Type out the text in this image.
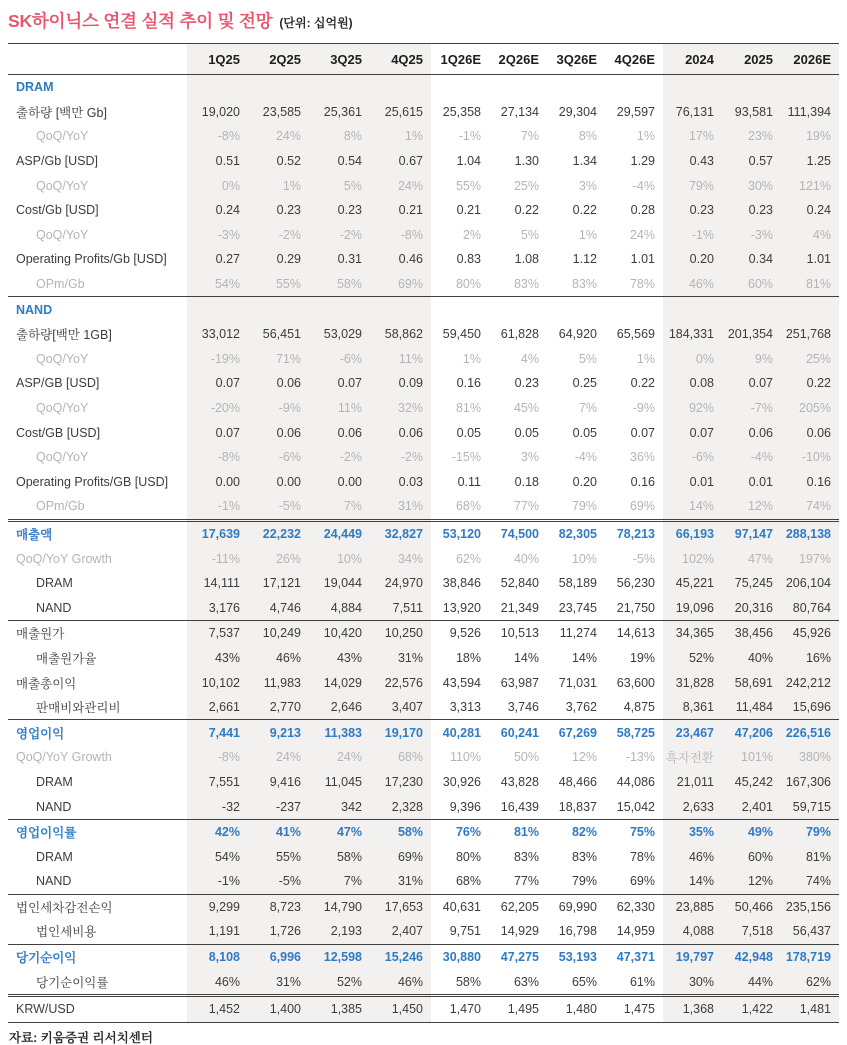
SK하이닉스 연결 실적 추이 및 전망 (단위: 십억원)
	1Q25	2Q25	3Q25	4Q25	1Q26E	2Q26E	3Q26E	4Q26E	2024	2025	2026E
DRAM											
출하량 [백만 Gb]	19,020	23,585	25,361	25,615	25,358	27,134	29,304	29,597	76,131	93,581	111,394
QoQ/YoY	-8%	24%	8%	1%	-1%	7%	8%	1%	17%	23%	19%
ASP/Gb [USD]	0.51	0.52	0.54	0.67	1.04	1.30	1.34	1.29	0.43	0.57	1.25
QoQ/YoY	0%	1%	5%	24%	55%	25%	3%	-4%	79%	30%	121%
Cost/Gb [USD]	0.24	0.23	0.23	0.21	0.21	0.22	0.22	0.28	0.23	0.23	0.24
QoQ/YoY	-3%	-2%	-2%	-8%	2%	5%	1%	24%	-1%	-3%	4%
Operating Profits/Gb [USD]	0.27	0.29	0.31	0.46	0.83	1.08	1.12	1.01	0.20	0.34	1.01
OPm/Gb	54%	55%	58%	69%	80%	83%	83%	78%	46%	60%	81%
NAND											
출하량[백만 1GB]	33,012	56,451	53,029	58,862	59,450	61,828	64,920	65,569	184,331	201,354	251,768
QoQ/YoY	-19%	71%	-6%	11%	1%	4%	5%	1%	0%	9%	25%
ASP/GB [USD]	0.07	0.06	0.07	0.09	0.16	0.23	0.25	0.22	0.08	0.07	0.22
QoQ/YoY	-20%	-9%	11%	32%	81%	45%	7%	-9%	92%	-7%	205%
Cost/GB [USD]	0.07	0.06	0.06	0.06	0.05	0.05	0.05	0.07	0.07	0.06	0.06
QoQ/YoY	-8%	-6%	-2%	-2%	-15%	3%	-4%	36%	-6%	-4%	-10%
Operating Profits/GB [USD]	0.00	0.00	0.00	0.03	0.11	0.18	0.20	0.16	0.01	0.01	0.16
OPm/Gb	-1%	-5%	7%	31%	68%	77%	79%	69%	14%	12%	74%
매출액	17,639	22,232	24,449	32,827	53,120	74,500	82,305	78,213	66,193	97,147	288,138
QoQ/YoY Growth	-11%	26%	10%	34%	62%	40%	10%	-5%	102%	47%	197%
DRAM	14,111	17,121	19,044	24,970	38,846	52,840	58,189	56,230	45,221	75,245	206,104
NAND	3,176	4,746	4,884	7,511	13,920	21,349	23,745	21,750	19,096	20,316	80,764
매출원가	7,537	10,249	10,420	10,250	9,526	10,513	11,274	14,613	34,365	38,456	45,926
매출원가율	43%	46%	43%	31%	18%	14%	14%	19%	52%	40%	16%
매출총이익	10,102	11,983	14,029	22,576	43,594	63,987	71,031	63,600	31,828	58,691	242,212
판매비와관리비	2,661	2,770	2,646	3,407	3,313	3,746	3,762	4,875	8,361	11,484	15,696
영업이익	7,441	9,213	11,383	19,170	40,281	60,241	67,269	58,725	23,467	47,206	226,516
QoQ/YoY Growth	-8%	24%	24%	68%	110%	50%	12%	-13%	흑자전환	101%	380%
DRAM	7,551	9,416	11,045	17,230	30,926	43,828	48,466	44,086	21,011	45,242	167,306
NAND	-32	-237	342	2,328	9,396	16,439	18,837	15,042	2,633	2,401	59,715
영업이익률	42%	41%	47%	58%	76%	81%	82%	75%	35%	49%	79%
DRAM	54%	55%	58%	69%	80%	83%	83%	78%	46%	60%	81%
NAND	-1%	-5%	7%	31%	68%	77%	79%	69%	14%	12%	74%
법인세차감전손익	9,299	8,723	14,790	17,653	40,631	62,205	69,990	62,330	23,885	50,466	235,156
법인세비용	1,191	1,726	2,193	2,407	9,751	14,929	16,798	14,959	4,088	7,518	56,437
당기순이익	8,108	6,996	12,598	15,246	30,880	47,275	53,193	47,371	19,797	42,948	178,719
당기순이익률	46%	31%	52%	46%	58%	63%	65%	61%	30%	44%	62%
KRW/USD	1,452	1,400	1,385	1,450	1,470	1,495	1,480	1,475	1,368	1,422	1,481
자료: 키움증권 리서치센터
